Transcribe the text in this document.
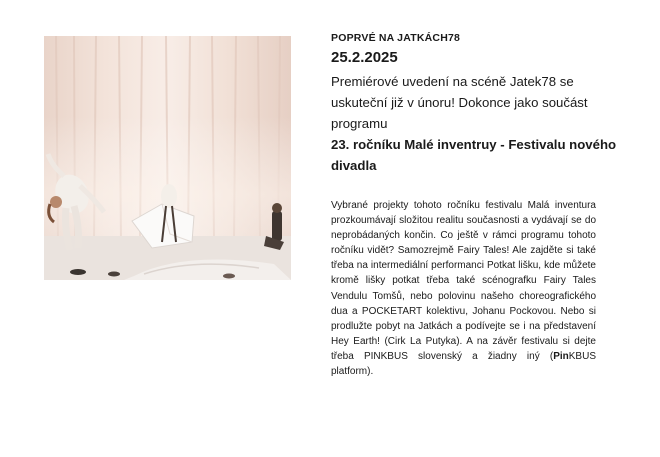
POPRVÉ NA JATKÁCH78
25.2.2025

Premiérové uvedení na scéně Jatek78 se uskuteční již v únoru! Dokonce jako součást programu

23. ročníku Malé inventruy - Festivalu nového divadla

Vybrané projekty tohoto ročníku festivalu Malá inventura prozkoumávají složitou realitu současnosti a vydávají se do neprobádaných končin. Co ještě v rámci programu tohoto ročníku vidět? Samozrejmě Fairy Tales! Ale zajděte si také třeba na intermediální performanci Potkat lišku, kde můžete kromě lišky potkat třeba také scénografku Fairy Tales Vendulu Tomšů, nebo polovinu našeho choreografického dua a POCKETART kolektivu, Johanu Pockovou. Nebo si prodlužte pobyt na Jatkách a podívejte se i na představení Hey Earth! (Cirk La Putyka). A na závěr festivalu si dejte třeba PINKBUS slovenský a žiadny iný (PinKBUS platform).
